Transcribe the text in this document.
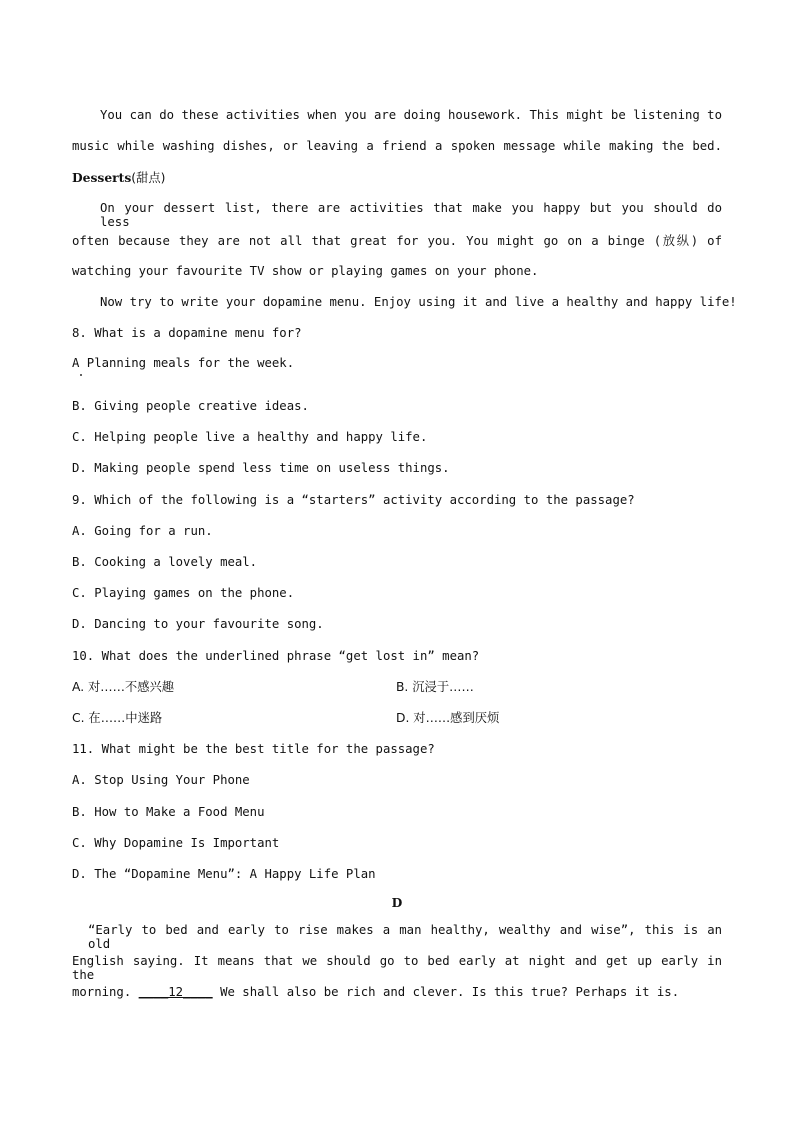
You can do these activities when you are doing housework. This might be listening to
music while washing dishes, or leaving a friend a spoken message while making the bed.
Desserts(甜点)
On your dessert list, there are activities that make you happy but you should do less
often because they are not all that great for you. You might go on a binge (放纵) of
watching your favourite TV show or playing games on your phone.
Now try to write your dopamine menu. Enjoy using it and live a healthy and happy life!
8. What is a dopamine menu for?
A Planning meals for the week.
B. Giving people creative ideas.
C. Helping people live a healthy and happy life.
D. Making people spend less time on useless things.
9. Which of the following is a “starters” activity according to the passage?
A. Going for a run.
B. Cooking a lovely meal.
C. Playing games on the phone.
D. Dancing to your favourite song.
10. What does the underlined phrase “get lost in” mean?
A. 对……不感兴趣	B. 沉浸于……
C. 在……中迷路	D. 对……感到厌烦
11. What might be the best title for the passage?
A. Stop Using Your Phone
B. How to Make a Food Menu
C. Why Dopamine Is Important
D. The “Dopamine Menu”: A Happy Life Plan
D
“Early to bed and early to rise makes a man healthy, wealthy and wise”, this is an old
English saying. It means that we should go to bed early at night and get up early in the
morning. ____12____ We shall also be rich and clever. Is this true? Perhaps it is.
